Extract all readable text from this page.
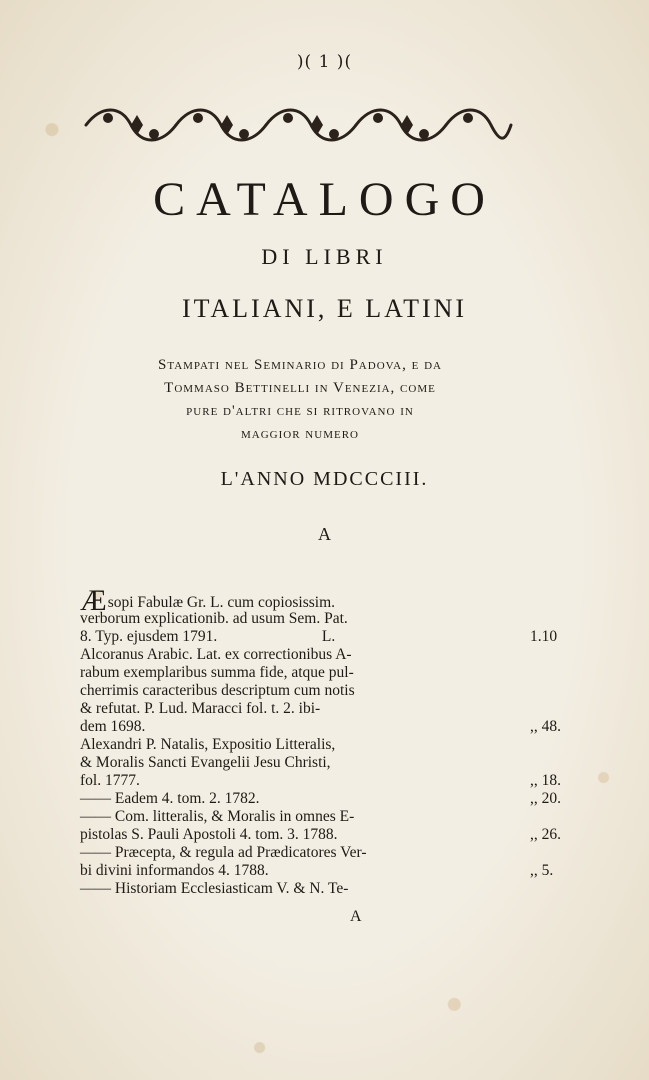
)( 1 )(
CATALOGO
DI LIBRI
ITALIANI, E LATINI
Stampati nel Seminario di Padova, e da
Tommaso Bettinelli in Venezia, come
pure d'altri che si ritrovano in
maggior numero
L'ANNO MDCCCIII.
A
Æsopi Fabulæ Gr. L. cum copiosissim.
verborum explicationib. ad usum Sem. Pat.
8. Typ. ejusdem 1791.                           L.	1.10
Alcoranus Arabic. Lat. ex correctionibus A-
rabum exemplaribus summa fide, atque pul-
cherrimis caracteribus descriptum cum notis
& refutat. P. Lud. Maracci fol. t. 2. ibi-
dem 1698.	,, 48.
Alexandri P. Natalis, Expositio Litteralis,
& Moralis Sancti Evangelii Jesu Christi,
fol. 1777.	,, 18.
—— Eadem 4. tom. 2. 1782.	,, 20.
—— Com. litteralis, & Moralis in omnes E-
pistolas S. Pauli Apostoli 4. tom. 3. 1788.	,, 26.
—— Præcepta, & regula ad Prædicatores Ver-
bi divini informandos 4. 1788.	,, 5.
—— Historiam Ecclesiasticam V. & N. Te-
A
